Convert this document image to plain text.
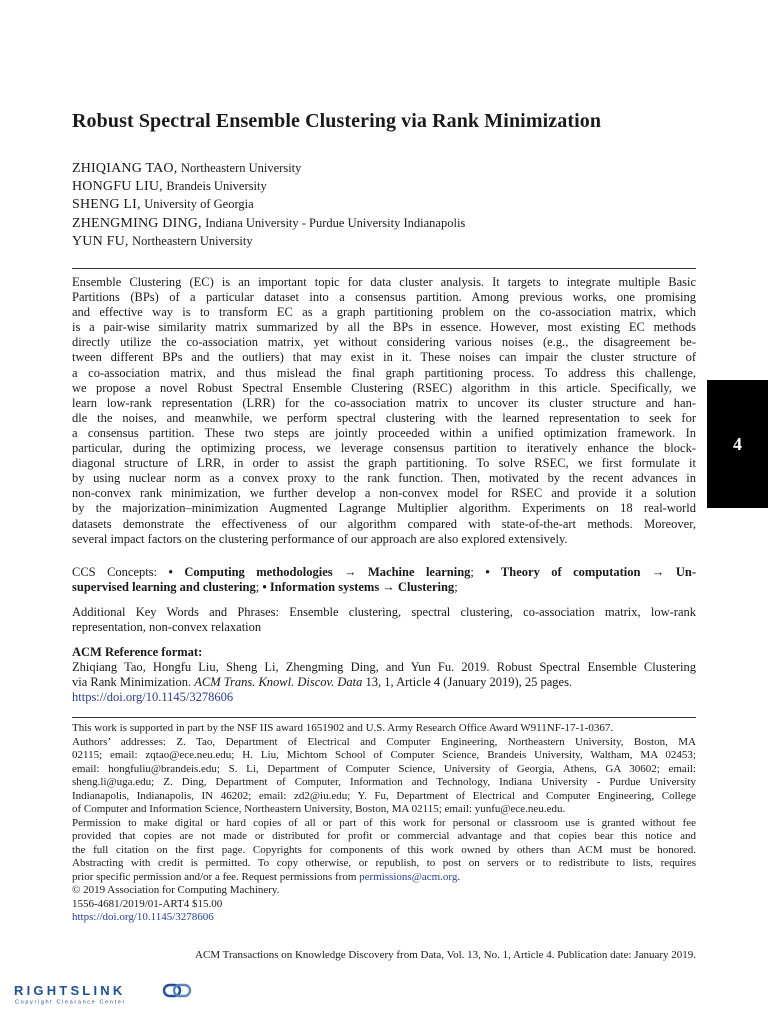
Robust Spectral Ensemble Clustering via Rank Minimization
ZHIQIANG TAO, Northeastern University
HONGFU LIU, Brandeis University
SHENG LI, University of Georgia
ZHENGMING DING, Indiana University - Purdue University Indianapolis
YUN FU, Northeastern University
Ensemble Clustering (EC) is an important topic for data cluster analysis. It targets to integrate multiple Basic
Partitions (BPs) of a particular dataset into a consensus partition. Among previous works, one promising
and effective way is to transform EC as a graph partitioning problem on the co-association matrix, which
is a pair-wise similarity matrix summarized by all the BPs in essence. However, most existing EC methods
directly utilize the co-association matrix, yet without considering various noises (e.g., the disagreement be-
tween different BPs and the outliers) that may exist in it. These noises can impair the cluster structure of
a co-association matrix, and thus mislead the final graph partitioning process. To address this challenge,
we propose a novel Robust Spectral Ensemble Clustering (RSEC) algorithm in this article. Specifically, we
learn low-rank representation (LRR) for the co-association matrix to uncover its cluster structure and han-
dle the noises, and meanwhile, we perform spectral clustering with the learned representation to seek for
a consensus partition. These two steps are jointly proceeded within a unified optimization framework. In
particular, during the optimizing process, we leverage consensus partition to iteratively enhance the block-
diagonal structure of LRR, in order to assist the graph partitioning. To solve RSEC, we first formulate it
by using nuclear norm as a convex proxy to the rank function. Then, motivated by the recent advances in
non-convex rank minimization, we further develop a non-convex model for RSEC and provide it a solution
by the majorization–minimization Augmented Lagrange Multiplier algorithm. Experiments on 18 real-world
datasets demonstrate the effectiveness of our algorithm compared with state-of-the-art methods. Moreover,
several impact factors on the clustering performance of our approach are also explored extensively.
CCS Concepts: • Computing methodologies → Machine learning; • Theory of computation → Un-
supervised learning and clustering; • Information systems → Clustering;
Additional Key Words and Phrases: Ensemble clustering, spectral clustering, co-association matrix, low-rank
representation, non-convex relaxation
ACM Reference format:
Zhiqiang Tao, Hongfu Liu, Sheng Li, Zhengming Ding, and Yun Fu. 2019. Robust Spectral Ensemble Clustering
via Rank Minimization. ACM Trans. Knowl. Discov. Data 13, 1, Article 4 (January 2019), 25 pages.
https://doi.org/10.1145/3278606
This work is supported in part by the NSF IIS award 1651902 and U.S. Army Research Office Award W911NF-17-1-0367.
Authors’ addresses: Z. Tao, Department of Electrical and Computer Engineering, Northeastern University, Boston, MA
02115; email: zqtao@ece.neu.edu; H. Liu, Michtom School of Computer Science, Brandeis University, Waltham, MA 02453;
email: hongfuliu@brandeis.edu; S. Li, Department of Computer Science, University of Georgia, Athens, GA 30602; email:
sheng.li@uga.edu; Z. Ding, Department of Computer, Information and Technology, Indiana University - Purdue University
Indianapolis, Indianapolis, IN 46202; email: zd2@iu.edu; Y. Fu, Department of Electrical and Computer Engineering, College
of Computer and Information Science, Northeastern University, Boston, MA 02115; email: yunfu@ece.neu.edu.
Permission to make digital or hard copies of all or part of this work for personal or classroom use is granted without fee
provided that copies are not made or distributed for profit or commercial advantage and that copies bear this notice and
the full citation on the first page. Copyrights for components of this work owned by others than ACM must be honored.
Abstracting with credit is permitted. To copy otherwise, or republish, to post on servers or to redistribute to lists, requires
prior specific permission and/or a fee. Request permissions from permissions@acm.org.
© 2019 Association for Computing Machinery.
1556-4681/2019/01-ART4 $15.00
https://doi.org/10.1145/3278606
4
ACM Transactions on Knowledge Discovery from Data, Vol. 13, No. 1, Article 4. Publication date: January 2019.
RIGHTSLINK
Copyright Clearance Center
